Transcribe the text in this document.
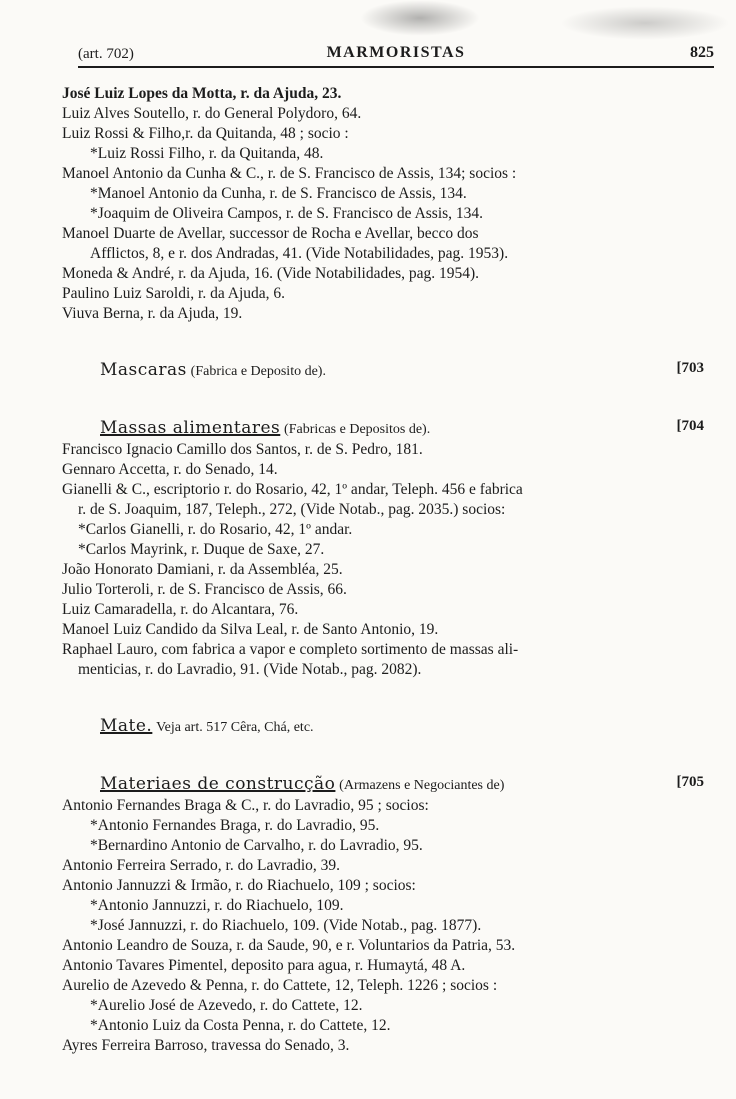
(art. 702)	MARMORISTAS	825
José Luiz Lopes da Motta, r. da Ajuda, 23.
Luiz Alves Soutello, r. do General Polydoro, 64.
Luiz Rossi & Filho,r. da Quitanda, 48 ; socio :
*Luiz Rossi Filho, r. da Quitanda, 48.
Manoel Antonio da Cunha & C., r. de S. Francisco de Assis, 134; socios :
*Manoel Antonio da Cunha, r. de S. Francisco de Assis, 134.
*Joaquim de Oliveira Campos, r. de S. Francisco de Assis, 134.
Manoel Duarte de Avellar, successor de Rocha e Avellar, becco dos
Afflictos, 8, e r. dos Andradas, 41. (Vide Notabilidades, pag. 1953).
Moneda & André, r. da Ajuda, 16. (Vide Notabilidades, pag. 1954).
Paulino Luiz Saroldi, r. da Ajuda, 6.
Viuva Berna, r. da Ajuda, 19.
Mascaras (Fabrica e Deposito de).	[703
Massas alimentares (Fabricas e Depositos de).	[704
Francisco Ignacio Camillo dos Santos, r. de S. Pedro, 181.
Gennaro Accetta, r. do Senado, 14.
Gianelli & C., escriptorio r. do Rosario, 42, 1º andar, Teleph. 456 e fabrica
r. de S. Joaquim, 187, Teleph., 272, (Vide Notab., pag. 2035.) socios:
*Carlos Gianelli, r. do Rosario, 42, 1º andar.
*Carlos Mayrink, r. Duque de Saxe, 27.
João Honorato Damiani, r. da Assembléa, 25.
Julio Torteroli, r. de S. Francisco de Assis, 66.
Luiz Camaradella, r. do Alcantara, 76.
Manoel Luiz Candido da Silva Leal, r. de Santo Antonio, 19.
Raphael Lauro, com fabrica a vapor e completo sortimento de massas ali-
menticias, r. do Lavradio, 91. (Vide Notab., pag. 2082).
Mate. Veja art. 517 Cêra, Chá, etc.
Materiaes de construcção (Armazens e Negociantes de)	[705
Antonio Fernandes Braga & C., r. do Lavradio, 95 ; socios:
*Antonio Fernandes Braga, r. do Lavradio, 95.
*Bernardino Antonio de Carvalho, r. do Lavradio, 95.
Antonio Ferreira Serrado, r. do Lavradio, 39.
Antonio Jannuzzi & Irmão, r. do Riachuelo, 109 ; socios:
*Antonio Jannuzzi, r. do Riachuelo, 109.
*José Jannuzzi, r. do Riachuelo, 109. (Vide Notab., pag. 1877).
Antonio Leandro de Souza, r. da Saude, 90, e r. Voluntarios da Patria, 53.
Antonio Tavares Pimentel, deposito para agua, r. Humaytá, 48 A.
Aurelio de Azevedo & Penna, r. do Cattete, 12, Teleph. 1226 ; socios :
*Aurelio José de Azevedo, r. do Cattete, 12.
*Antonio Luiz da Costa Penna, r. do Cattete, 12.
Ayres Ferreira Barroso, travessa do Senado, 3.
